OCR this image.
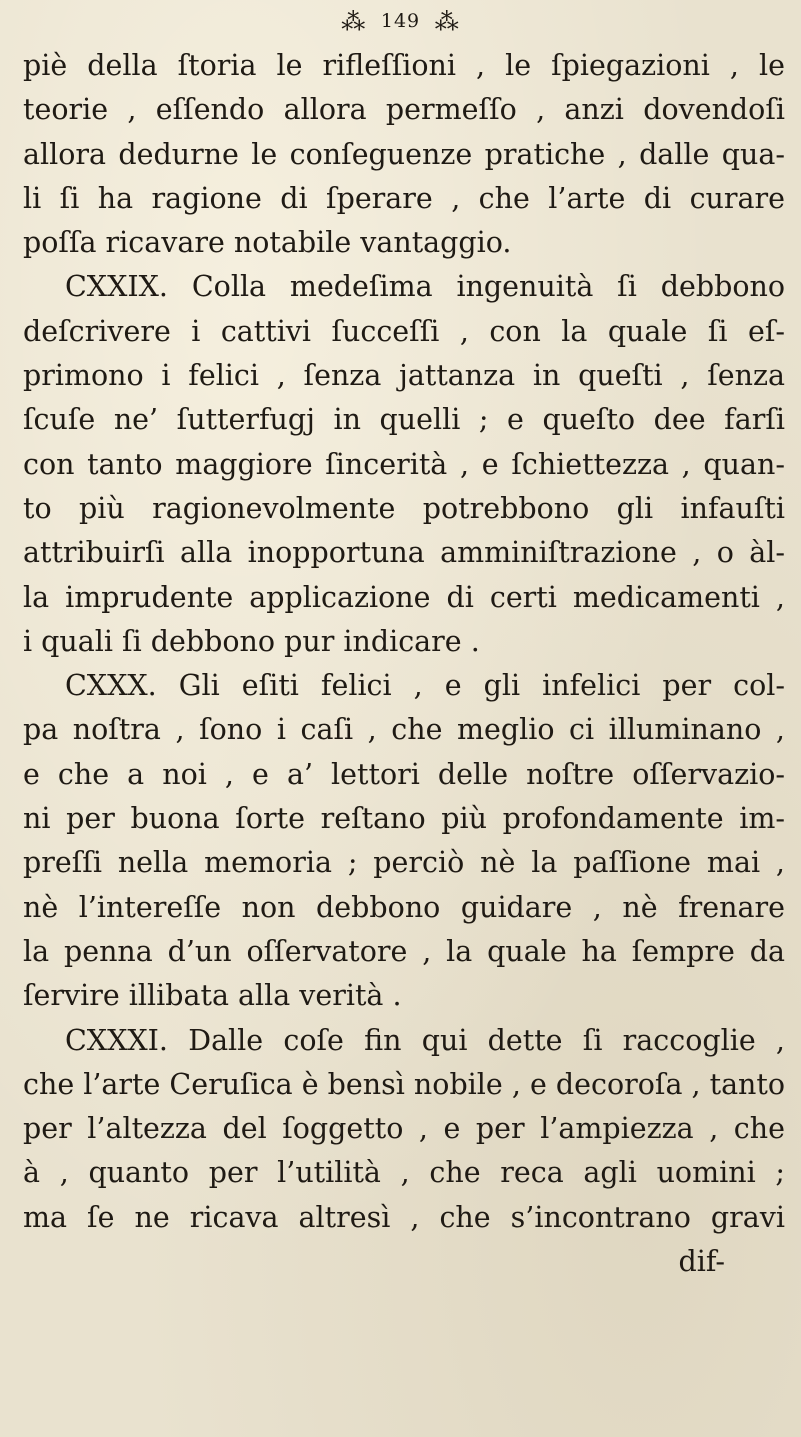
⁂ 149 ⁂
piè della ſtoria le rifleſſioni , le ſpiegazioni , le
teorie , eſſendo allora permeſſo , anzi dovendoſi
allora dedurne le conſeguenze pratiche , dalle qua-
li ſi ha ragione di ſperare , che l’arte di curare
poſſa ricavare notabile vantaggio.
CXXIX. Colla medeſima ingenuità ſi debbono
deſcrivere i cattivi ſucceſſi , con la quale ſi eſ-
primono i felici , ſenza jattanza in queſti , ſenza
ſcuſe ne’ ſutterfugj in quelli ; e queſto dee farſi
con tanto maggiore ſincerità , e ſchiettezza , quan-
to più ragionevolmente potrebbono gli infauſti
attribuirſi alla inopportuna amminiſtrazione , o àl-
la imprudente applicazione di certi medicamenti ,
i quali ſi debbono pur indicare .
CXXX. Gli eſiti felici , e gli infelici per col-
pa noſtra , ſono i caſi , che meglio ci illuminano ,
e che a noi , e a’ lettori delle noſtre oſſervazio-
ni per buona ſorte reſtano più profondamente im-
preſſi nella memoria ; perciò nè la paſſione mai ,
nè l’intereſſe non debbono guidare , nè frenare
la penna d’un oſſervatore , la quale ha ſempre da
ſervire illibata alla verità .
CXXXI. Dalle coſe fin qui dette ſi raccoglie ,
che l’arte Ceruſica è bensì nobile , e decoroſa , tanto
per l’altezza del ſoggetto , e per l’ampiezza , che
à , quanto per l’utilità , che reca agli uomini ;
ma ſe ne ricava altresì , che s’incontrano gravi
dif-
